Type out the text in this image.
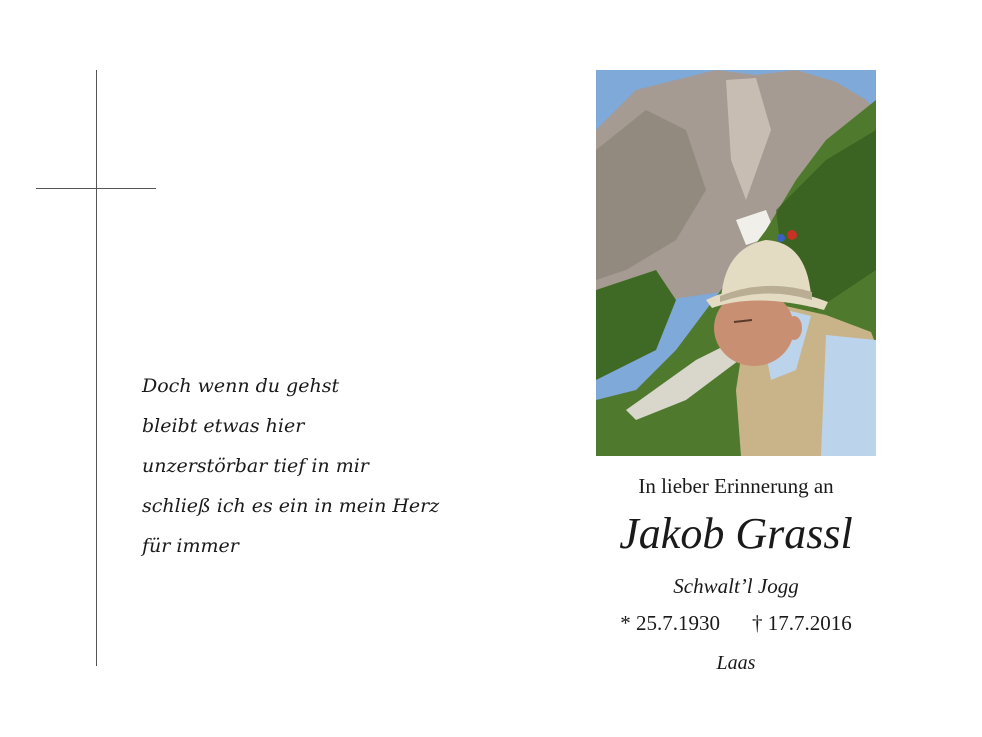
Doch wenn du gehst
bleibt etwas hier
unzerstörbar tief in mir
schließ ich es ein in mein Herz
für immer
In lieber Erinnerung an
Jakob Grassl
Schwalt’l Jogg
* 25.7.1930 † 17.7.2016
Laas
